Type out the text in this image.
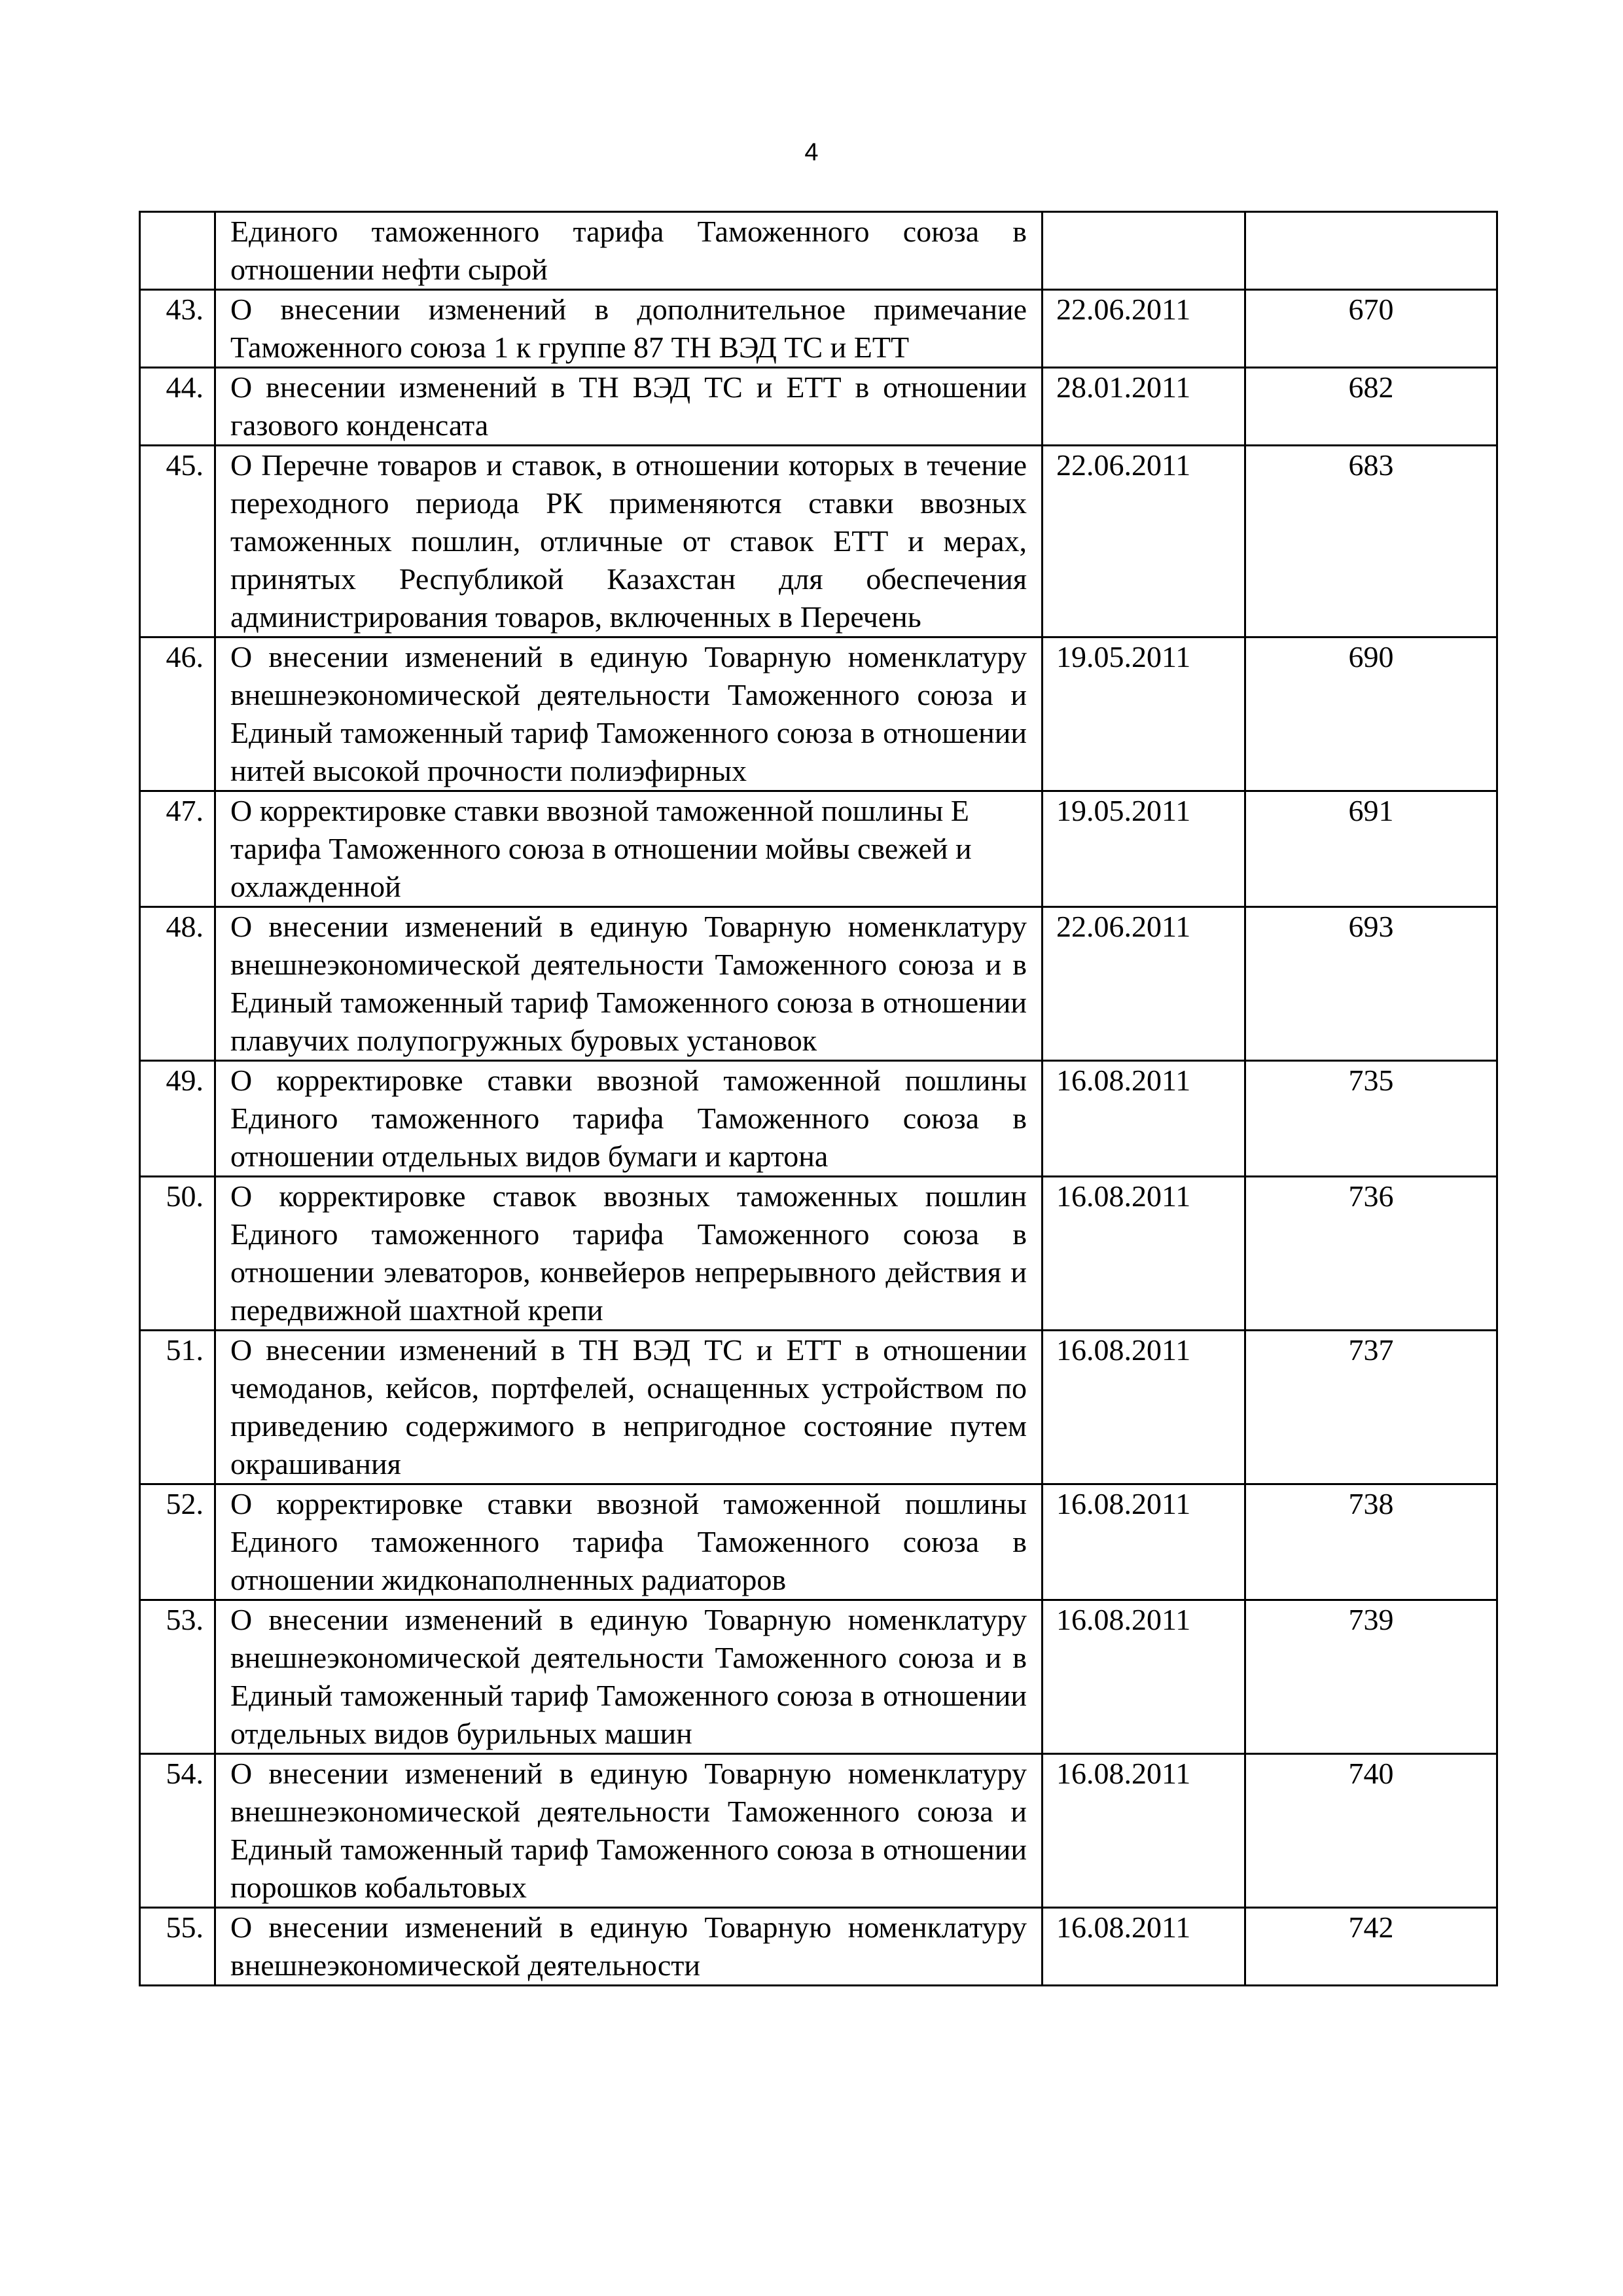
4
	Единого таможенного тарифа Таможенного союза в отношении нефти сырой		
43.	О внесении изменений в дополнительное примечание Таможенного союза 1 к группе 87 ТН ВЭД ТС и ЕТТ	22.06.2011	670
44.	О внесении изменений в ТН ВЭД ТС и ЕТТ в отношении газового конденсата	28.01.2011	682
45.	О Перечне товаров и ставок, в отношении которых в течение переходного периода РК применяются ставки ввозных таможенных пошлин, отличные от ставок ЕТТ и мерах, принятых Республикой Казахстан для обеспечения администрирования товаров, включенных в Перечень	22.06.2011	683
46.	О внесении изменений в единую Товарную номенклатуру внешнеэкономической деятельности Таможенного союза и Единый таможенный тариф Таможенного союза в отношении нитей высокой прочности полиэфирных	19.05.2011	690
47.	О корректировке ставки ввозной таможенной пошлины Е
тарифа Таможенного союза в отношении мойвы свежей и
охлажденной	19.05.2011	691
48.	О внесении изменений в единую Товарную номенклатуру внешнеэкономической деятельности Таможенного союза и в Единый таможенный тариф Таможенного союза в отношении плавучих полупогружных буровых установок	22.06.2011	693
49.	О корректировке ставки ввозной таможенной пошлины Единого таможенного тарифа Таможенного союза в отношении отдельных видов бумаги и картона	16.08.2011	735
50.	О корректировке ставок ввозных таможенных пошлин Единого таможенного тарифа Таможенного союза в отношении элеваторов, конвейеров непрерывного действия и передвижной шахтной крепи	16.08.2011	736
51.	О внесении изменений в ТН ВЭД ТС и ЕТТ в отношении чемоданов, кейсов, портфелей, оснащенных устройством по приведению содержимого в непригодное состояние путем окрашивания	16.08.2011	737
52.	О корректировке ставки ввозной таможенной пошлины Единого таможенного тарифа Таможенного союза в отношении жидконаполненных радиаторов	16.08.2011	738
53.	О внесении изменений в единую Товарную номенклатуру внешнеэкономической деятельности Таможенного союза и в Единый таможенный тариф Таможенного союза в отношении отдельных видов бурильных машин	16.08.2011	739
54.	О внесении изменений в единую Товарную номенклатуру внешнеэкономической деятельности Таможенного союза и Единый таможенный тариф Таможенного союза в отношении порошков кобальтовых	16.08.2011	740
55.	О внесении изменений в единую Товарную номенклатуру внешнеэкономической деятельности	16.08.2011	742
